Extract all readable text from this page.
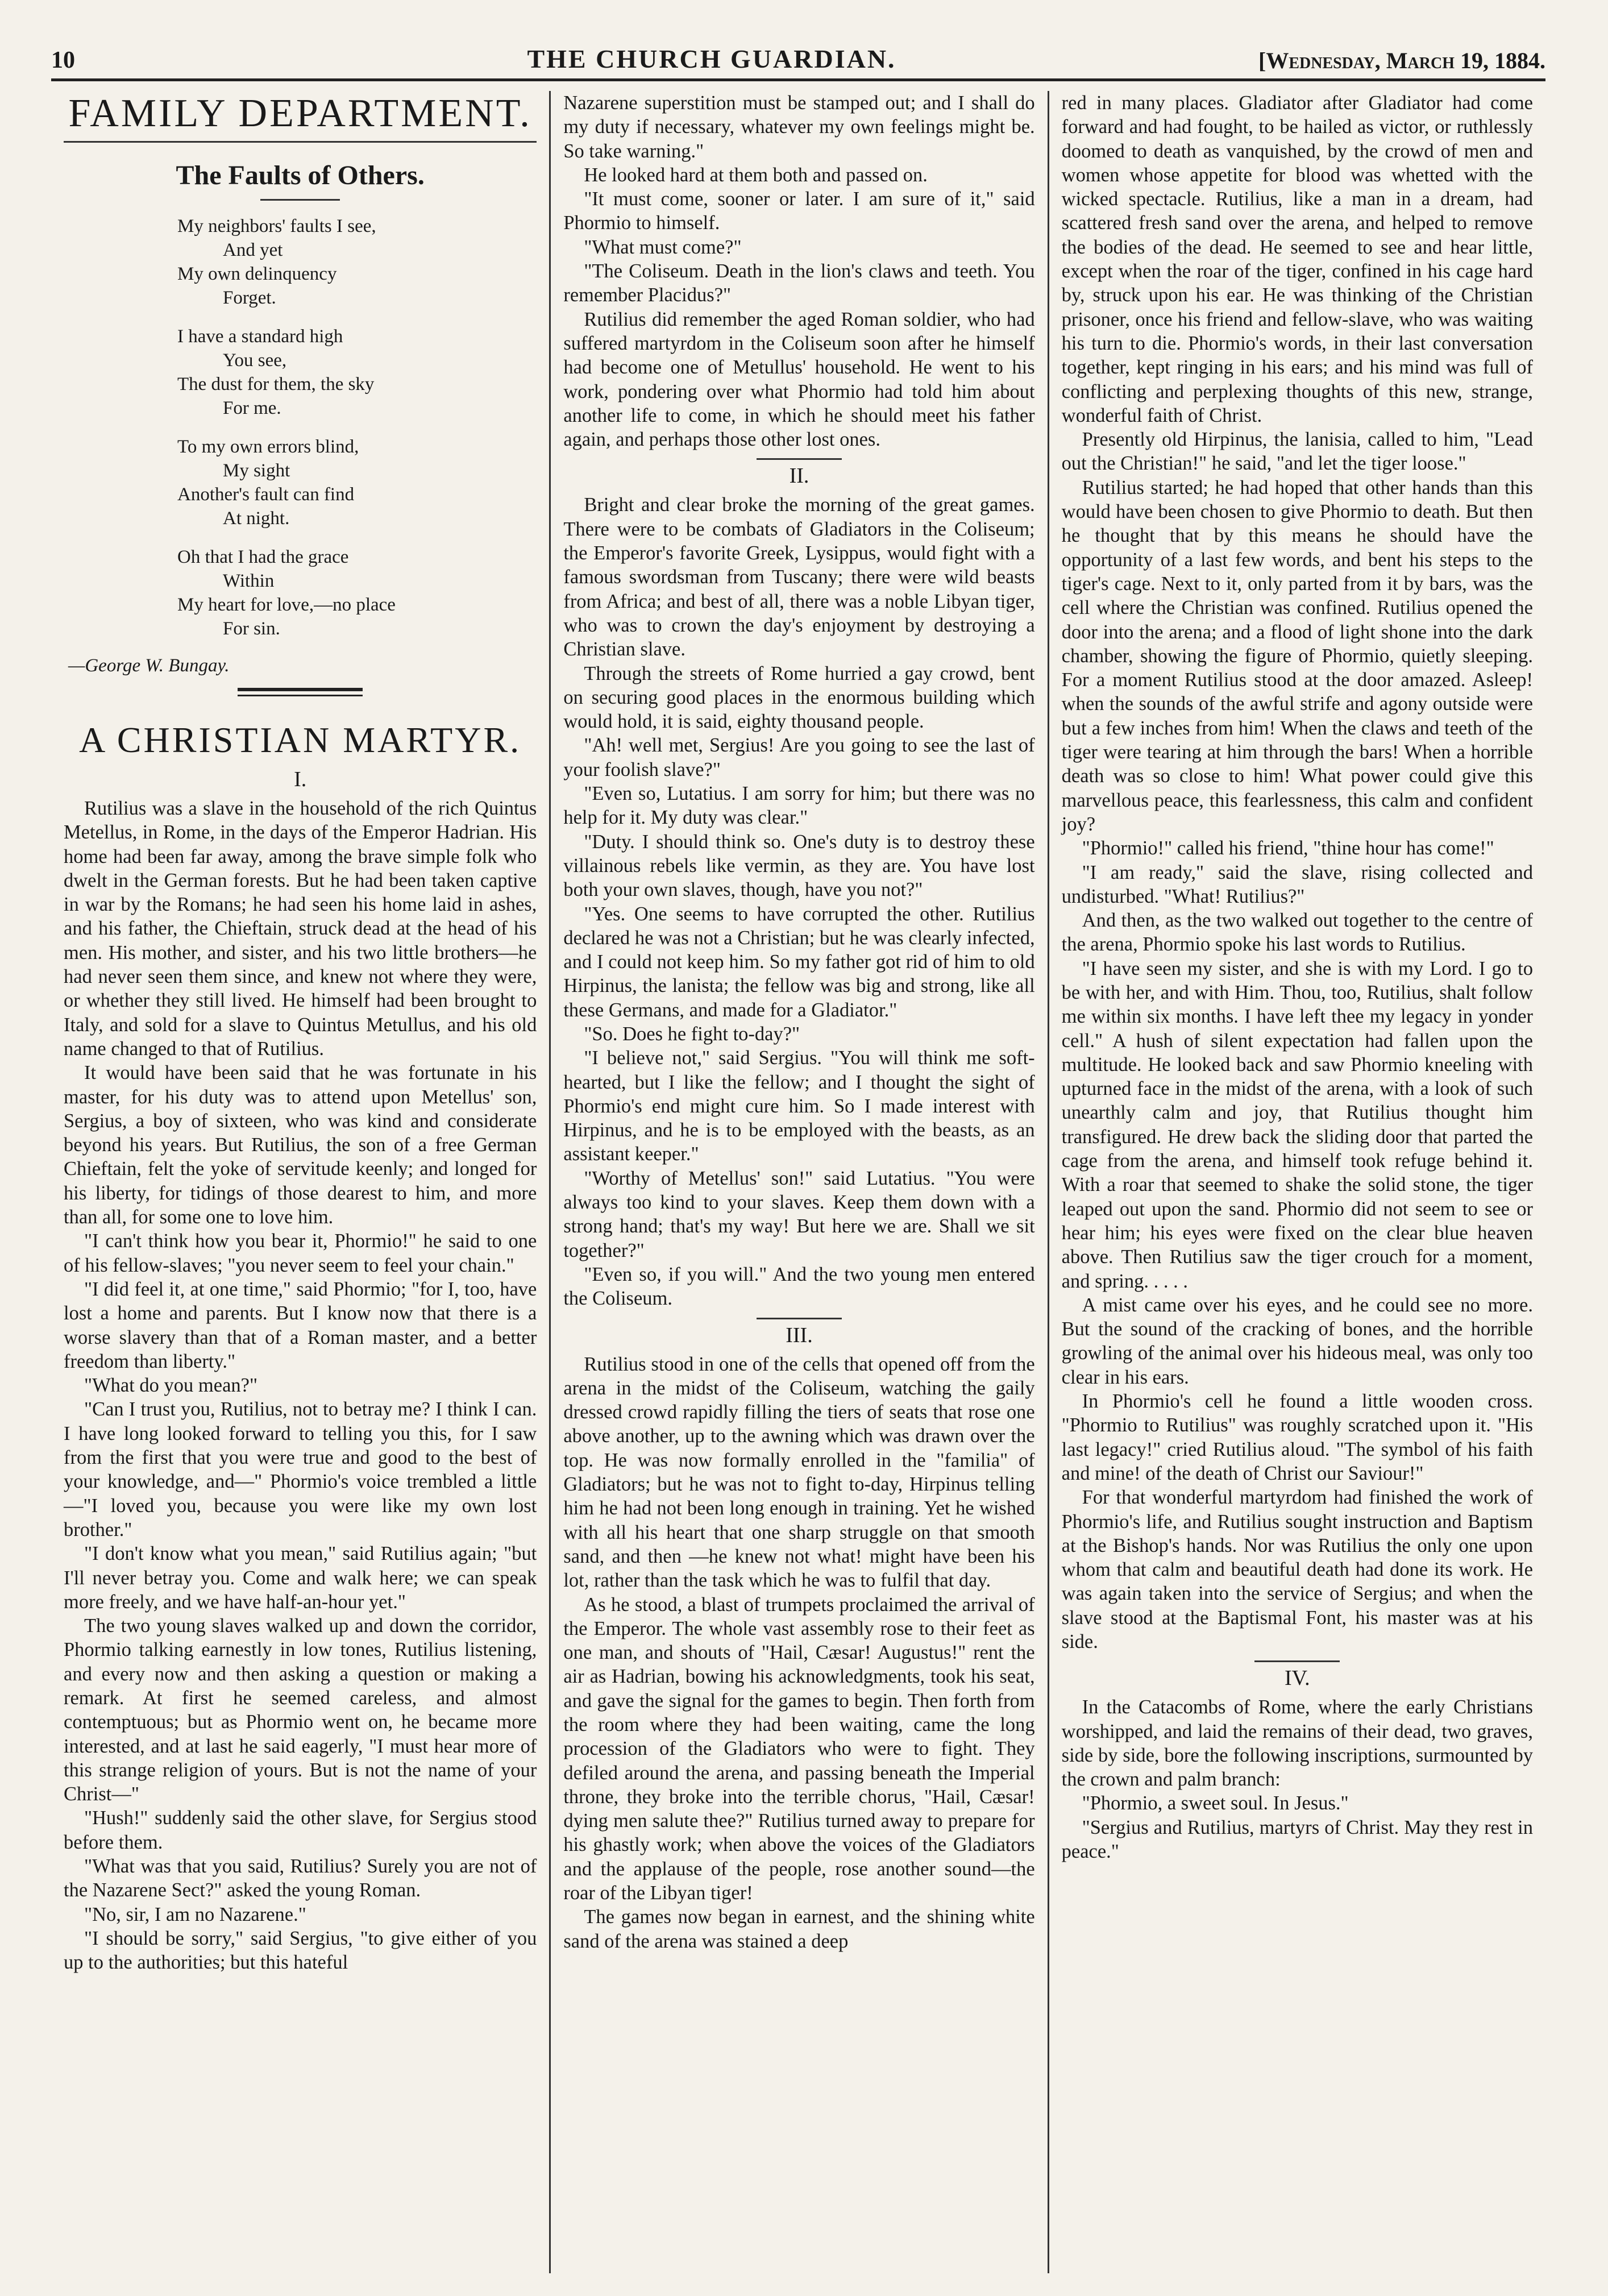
10	THE CHURCH GUARDIAN.	[Wednesday, March 19, 1884.
FAMILY DEPARTMENT.
The Faults of Others.
My neighbors' faults I see,
And yet
My own delinquency
Forget.
I have a standard high
You see,
The dust for them, the sky
For me.
To my own errors blind,
My sight
Another's fault can find
At night.
Oh that I had the grace
Within
My heart for love,—no place
For sin.
—George W. Bungay.
A CHRISTIAN MARTYR.
I.

Rutilius was a slave in the household of the rich Quintus Metellus, in Rome, in the days of the Emperor Hadrian. His home had been far away, among the brave simple folk who dwelt in the German forests. But he had been taken captive in war by the Romans; he had seen his home laid in ashes, and his father, the Chieftain, struck dead at the head of his men. His mother, and sister, and his two little brothers—he had never seen them since, and knew not where they were, or whether they still lived. He himself had been brought to Italy, and sold for a slave to Quintus Metullus, and his old name changed to that of Rutilius.

It would have been said that he was fortunate in his master, for his duty was to attend upon Metellus' son, Sergius, a boy of sixteen, who was kind and considerate beyond his years. But Rutilius, the son of a free German Chieftain, felt the yoke of servitude keenly; and longed for his liberty, for tidings of those dearest to him, and more than all, for some one to love him.

"I can't think how you bear it, Phormio!" he said to one of his fellow-slaves; "you never seem to feel your chain."

"I did feel it, at one time," said Phormio; "for I, too, have lost a home and parents. But I know now that there is a worse slavery than that of a Roman master, and a better freedom than liberty."

"What do you mean?"

"Can I trust you, Rutilius, not to betray me? I think I can. I have long looked forward to telling you this, for I saw from the first that you were true and good to the best of your knowledge, and—" Phormio's voice trembled a little—"I loved you, because you were like my own lost brother."

"I don't know what you mean," said Rutilius again; "but I'll never betray you. Come and walk here; we can speak more freely, and we have half-an-hour yet."

The two young slaves walked up and down the corridor, Phormio talking earnestly in low tones, Rutilius listening, and every now and then asking a question or making a remark. At first he seemed careless, and almost contemptuous; but as Phormio went on, he became more interested, and at last he said eagerly, "I must hear more of this strange religion of yours. But is not the name of your Christ—"

"Hush!" suddenly said the other slave, for Sergius stood before them.

"What was that you said, Rutilius? Surely you are not of the Nazarene Sect?" asked the young Roman.

"No, sir, I am no Nazarene."

"I should be sorry," said Sergius, "to give either of you up to the authorities; but this hateful

Nazarene superstition must be stamped out; and I shall do my duty if necessary, whatever my own feelings might be. So take warning."

He looked hard at them both and passed on.

"It must come, sooner or later. I am sure of it," said Phormio to himself.

"What must come?"

"The Coliseum. Death in the lion's claws and teeth. You remember Placidus?"

Rutilius did remember the aged Roman soldier, who had suffered martyrdom in the Coliseum soon after he himself had become one of Metullus' household. He went to his work, pondering over what Phormio had told him about another life to come, in which he should meet his father again, and perhaps those other lost ones.

II.

Bright and clear broke the morning of the great games. There were to be combats of Gladiators in the Coliseum; the Emperor's favorite Greek, Lysippus, would fight with a famous swordsman from Tuscany; there were wild beasts from Africa; and best of all, there was a noble Libyan tiger, who was to crown the day's enjoyment by destroying a Christian slave.

Through the streets of Rome hurried a gay crowd, bent on securing good places in the enormous building which would hold, it is said, eighty thousand people.

"Ah! well met, Sergius! Are you going to see the last of your foolish slave?"

"Even so, Lutatius. I am sorry for him; but there was no help for it. My duty was clear."

"Duty. I should think so. One's duty is to destroy these villainous rebels like vermin, as they are. You have lost both your own slaves, though, have you not?"

"Yes. One seems to have corrupted the other. Rutilius declared he was not a Christian; but he was clearly infected, and I could not keep him. So my father got rid of him to old Hirpinus, the lanista; the fellow was big and strong, like all these Germans, and made for a Gladiator."

"So. Does he fight to-day?"

"I believe not," said Sergius. "You will think me soft-hearted, but I like the fellow; and I thought the sight of Phormio's end might cure him. So I made interest with Hirpinus, and he is to be employed with the beasts, as an assistant keeper."

"Worthy of Metellus' son!" said Lutatius. "You were always too kind to your slaves. Keep them down with a strong hand; that's my way! But here we are. Shall we sit together?"

"Even so, if you will." And the two young men entered the Coliseum.

III.

Rutilius stood in one of the cells that opened off from the arena in the midst of the Coliseum, watching the gaily dressed crowd rapidly filling the tiers of seats that rose one above another, up to the awning which was drawn over the top. He was now formally enrolled in the "familia" of Gladiators; but he was not to fight to-day, Hirpinus telling him he had not been long enough in training. Yet he wished with all his heart that one sharp struggle on that smooth sand, and then —he knew not what! might have been his lot, rather than the task which he was to fulfil that day.

As he stood, a blast of trumpets proclaimed the arrival of the Emperor. The whole vast assembly rose to their feet as one man, and shouts of "Hail, Cæsar! Augustus!" rent the air as Hadrian, bowing his acknowledgments, took his seat, and gave the signal for the games to begin. Then forth from the room where they had been waiting, came the long procession of the Gladiators who were to fight. They defiled around the arena, and passing beneath the Imperial throne, they broke into the terrible chorus, "Hail, Cæsar! dying men salute thee?" Rutilius turned away to prepare for his ghastly work; when above the voices of the Gladiators and the applause of the people, rose another sound—the roar of the Libyan tiger!

The games now began in earnest, and the shining white sand of the arena was stained a deep

red in many places. Gladiator after Gladiator had come forward and had fought, to be hailed as victor, or ruthlessly doomed to death as vanquished, by the crowd of men and women whose appetite for blood was whetted with the wicked spectacle. Rutilius, like a man in a dream, had scattered fresh sand over the arena, and helped to remove the bodies of the dead. He seemed to see and hear little, except when the roar of the tiger, confined in his cage hard by, struck upon his ear. He was thinking of the Christian prisoner, once his friend and fellow-slave, who was waiting his turn to die. Phormio's words, in their last conversation together, kept ringing in his ears; and his mind was full of conflicting and perplexing thoughts of this new, strange, wonderful faith of Christ.

Presently old Hirpinus, the lanisia, called to him, "Lead out the Christian!" he said, "and let the tiger loose."

Rutilius started; he had hoped that other hands than this would have been chosen to give Phormio to death. But then he thought that by this means he should have the opportunity of a last few words, and bent his steps to the tiger's cage. Next to it, only parted from it by bars, was the cell where the Christian was confined. Rutilius opened the door into the arena; and a flood of light shone into the dark chamber, showing the figure of Phormio, quietly sleeping. For a moment Rutilius stood at the door amazed. Asleep! when the sounds of the awful strife and agony outside were but a few inches from him! When the claws and teeth of the tiger were tearing at him through the bars! When a horrible death was so close to him! What power could give this marvellous peace, this fearlessness, this calm and confident joy?

"Phormio!" called his friend, "thine hour has come!"

"I am ready," said the slave, rising collected and undisturbed. "What! Rutilius?"

And then, as the two walked out together to the centre of the arena, Phormio spoke his last words to Rutilius.

"I have seen my sister, and she is with my Lord. I go to be with her, and with Him. Thou, too, Rutilius, shalt follow me within six months. I have left thee my legacy in yonder cell." A hush of silent expectation had fallen upon the multitude. He looked back and saw Phormio kneeling with upturned face in the midst of the arena, with a look of such unearthly calm and joy, that Rutilius thought him transfigured. He drew back the sliding door that parted the cage from the arena, and himself took refuge behind it. With a roar that seemed to shake the solid stone, the tiger leaped out upon the sand. Phormio did not seem to see or hear him; his eyes were fixed on the clear blue heaven above. Then Rutilius saw the tiger crouch for a moment, and spring. . . . .

A mist came over his eyes, and he could see no more. But the sound of the cracking of bones, and the horrible growling of the animal over his hideous meal, was only too clear in his ears.

In Phormio's cell he found a little wooden cross. "Phormio to Rutilius" was roughly scratched upon it. "His last legacy!" cried Rutilius aloud. "The symbol of his faith and mine! of the death of Christ our Saviour!"

For that wonderful martyrdom had finished the work of Phormio's life, and Rutilius sought instruction and Baptism at the Bishop's hands. Nor was Rutilius the only one upon whom that calm and beautiful death had done its work. He was again taken into the service of Sergius; and when the slave stood at the Baptismal Font, his master was at his side.

IV.

In the Catacombs of Rome, where the early Christians worshipped, and laid the remains of their dead, two graves, side by side, bore the following inscriptions, surmounted by the crown and palm branch:

"Phormio, a sweet soul. In Jesus."

"Sergius and Rutilius, martyrs of Christ. May they rest in peace."
